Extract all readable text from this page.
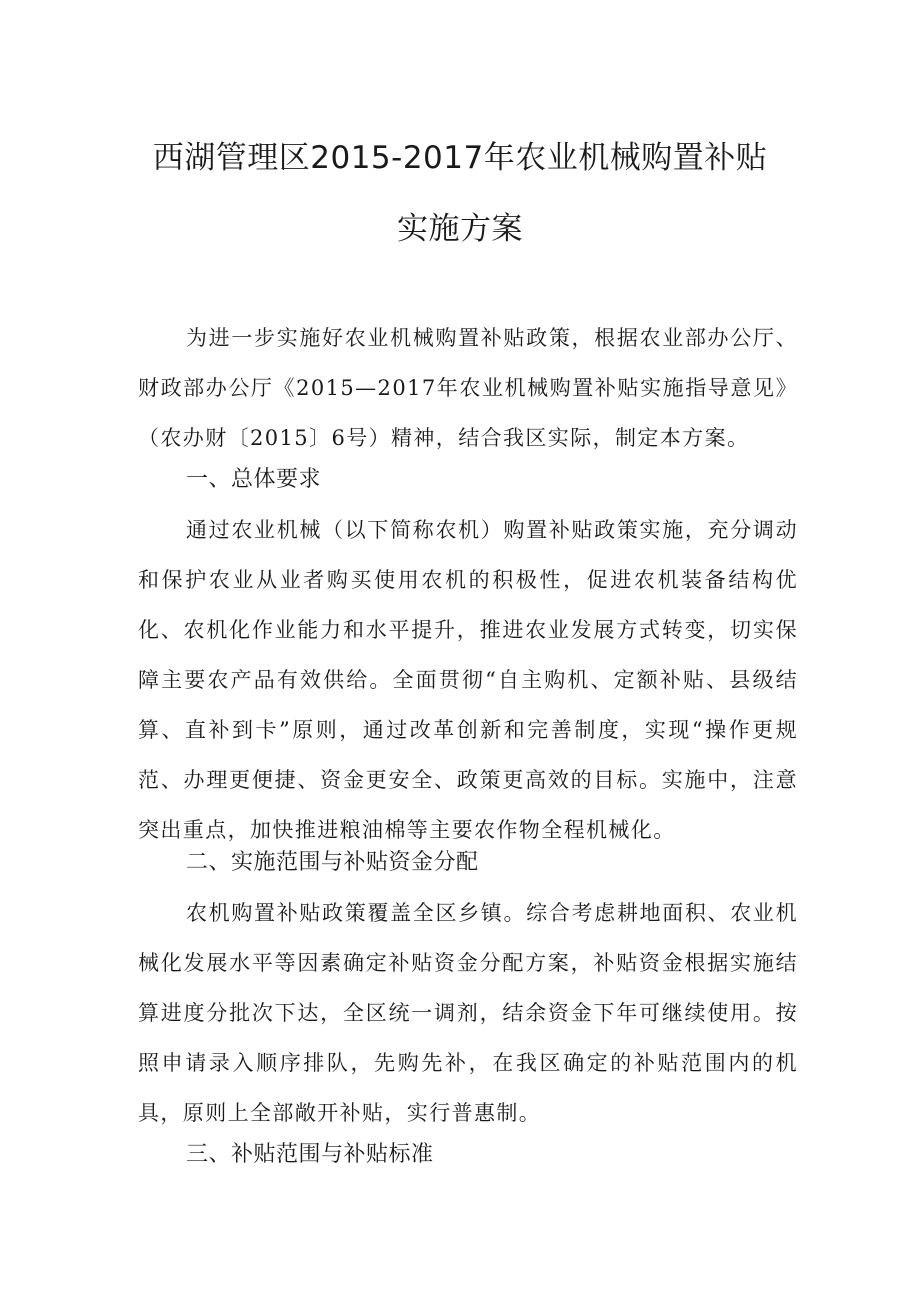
西湖管理区2015-2017年农业机械购置补贴
实施方案

为进一步实施好农业机械购置补贴政策，根据农业部办公厅、财政部办公厅《2015—2017年农业机械购置补贴实施指导意见》（农办财〔2015〕6号）精神，结合我区实际，制定本方案。

一、总体要求

通过农业机械（以下简称农机）购置补贴政策实施，充分调动和保护农业从业者购买使用农机的积极性，促进农机装备结构优化、农机化作业能力和水平提升，推进农业发展方式转变，切实保障主要农产品有效供给。全面贯彻“自主购机、定额补贴、县级结算、直补到卡”原则，通过改革创新和完善制度，实现“操作更规范、办理更便捷、资金更安全、政策更高效的目标。实施中，注意突出重点，加快推进粮油棉等主要农作物全程机械化。

二、实施范围与补贴资金分配

农机购置补贴政策覆盖全区乡镇。综合考虑耕地面积、农业机械化发展水平等因素确定补贴资金分配方案，补贴资金根据实施结算进度分批次下达，全区统一调剂，结余资金下年可继续使用。按照申请录入顺序排队，先购先补，在我区确定的补贴范围内的机具，原则上全部敞开补贴，实行普惠制。

三、补贴范围与补贴标准
